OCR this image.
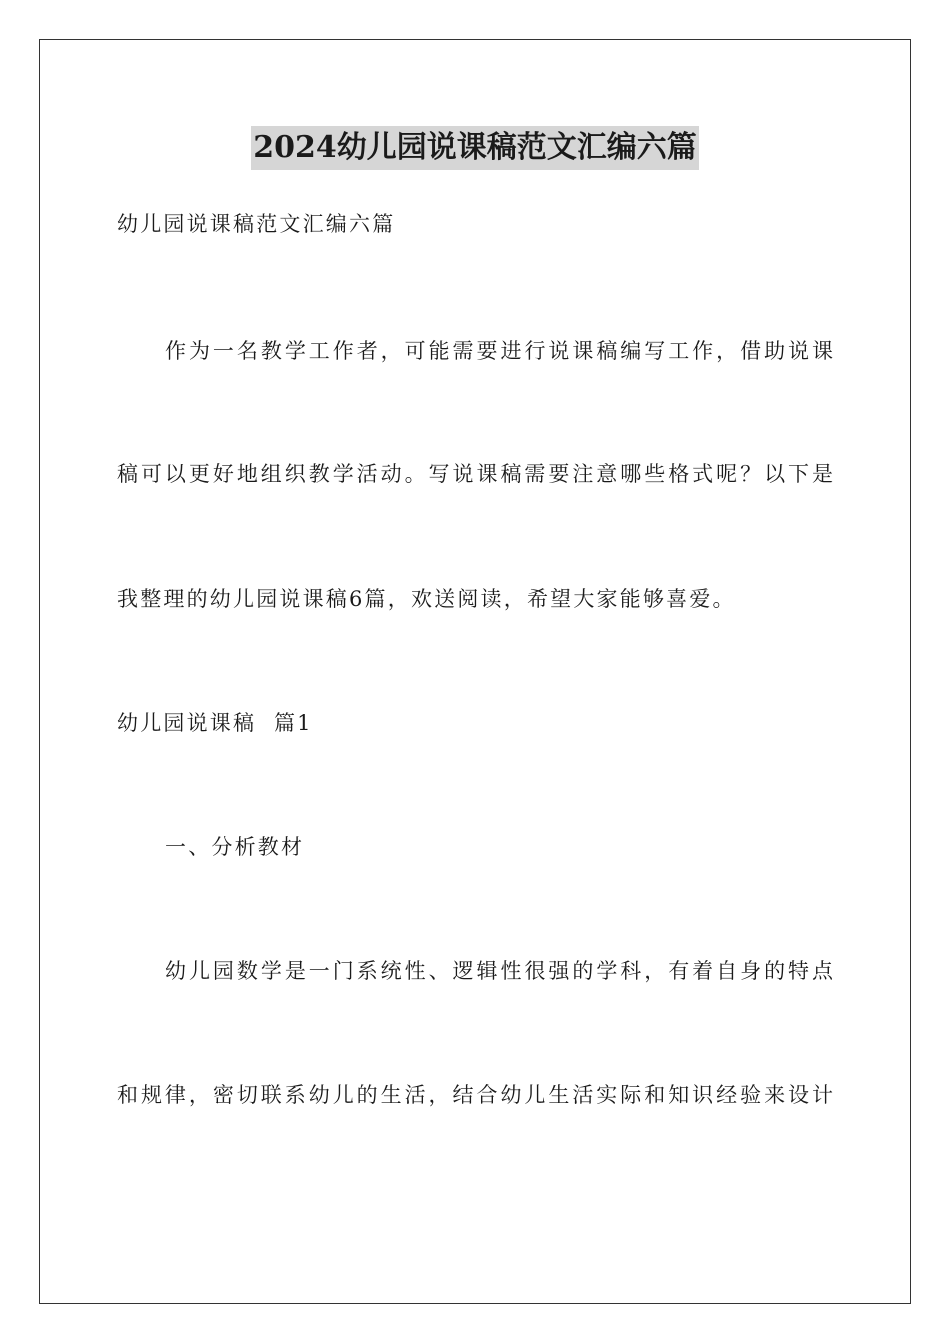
2024幼儿园说课稿范文汇编六篇
幼儿园说课稿范文汇编六篇
作为一名教学工作者，可能需要进行说课稿编写工作，借助说课
稿可以更好地组织教学活动。写说课稿需要注意哪些格式呢？以下是
我整理的幼儿园说课稿6篇，欢送阅读，希望大家能够喜爱。
幼儿园说课稿  篇1
一、分析教材
幼儿园数学是一门系统性、逻辑性很强的学科，有着自身的特点
和规律，密切联系幼儿的生活，结合幼儿生活实际和知识经验来设计
